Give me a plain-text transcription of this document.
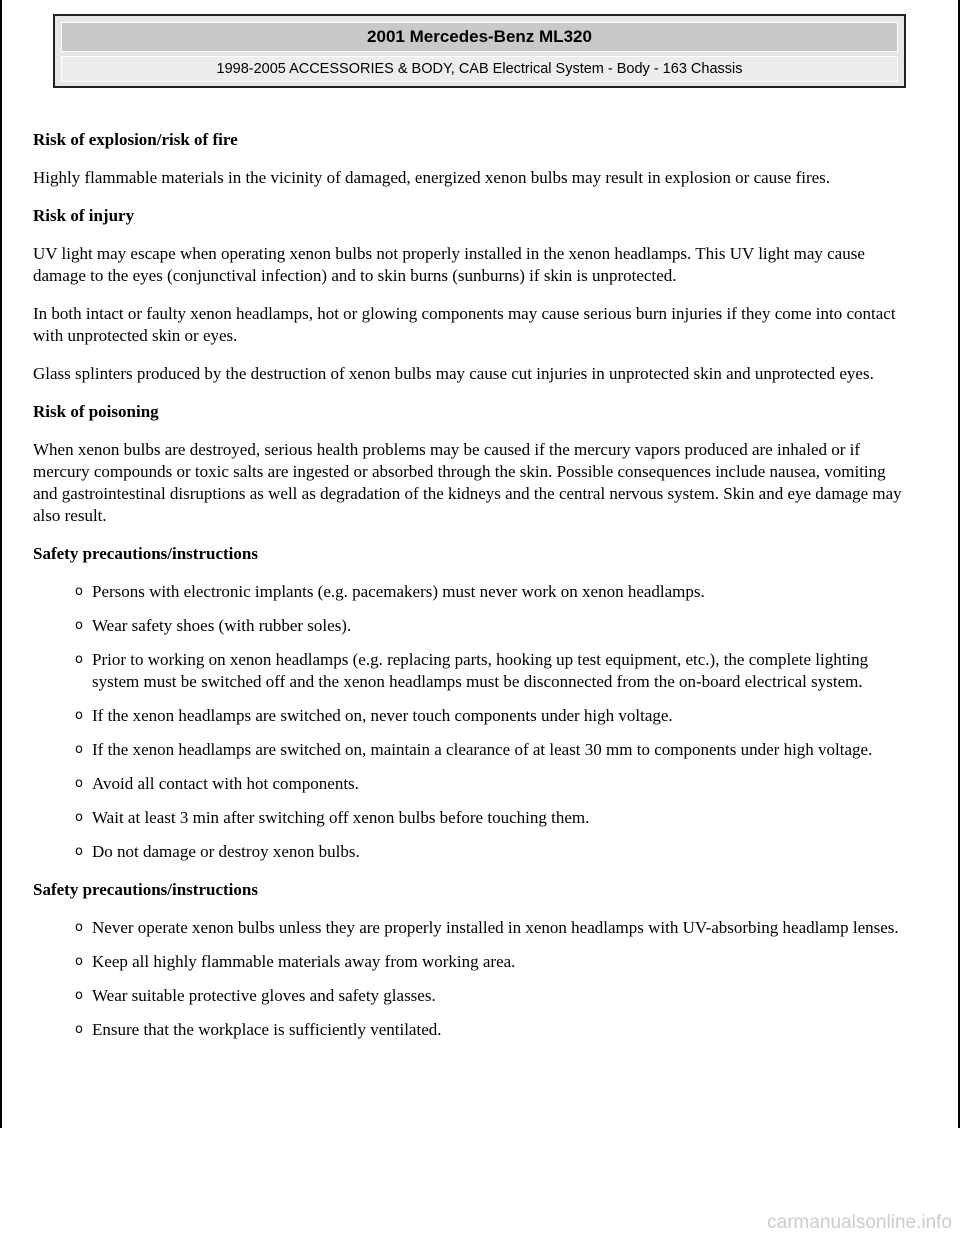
2001 Mercedes-Benz ML320
1998-2005 ACCESSORIES & BODY, CAB Electrical System - Body - 163 Chassis
Risk of explosion/risk of fire
Highly flammable materials in the vicinity of damaged, energized xenon bulbs may result in explosion or cause fires.
Risk of injury
UV light may escape when operating xenon bulbs not properly installed in the xenon headlamps. This UV light may cause damage to the eyes (conjunctival infection) and to skin burns (sunburns) if skin is unprotected.
In both intact or faulty xenon headlamps, hot or glowing components may cause serious burn injuries if they come into contact with unprotected skin or eyes.
Glass splinters produced by the destruction of xenon bulbs may cause cut injuries in unprotected skin and unprotected eyes.
Risk of poisoning
When xenon bulbs are destroyed, serious health problems may be caused if the mercury vapors produced are inhaled or if mercury compounds or toxic salts are ingested or absorbed through the skin. Possible consequences include nausea, vomiting and gastrointestinal disruptions as well as degradation of the kidneys and the central nervous system. Skin and eye damage may also result.
Safety precautions/instructions
o Persons with electronic implants (e.g. pacemakers) must never work on xenon headlamps.
o Wear safety shoes (with rubber soles).
o Prior to working on xenon headlamps (e.g. replacing parts, hooking up test equipment, etc.), the complete lighting system must be switched off and the xenon headlamps must be disconnected from the on-board electrical system.
o If the xenon headlamps are switched on, never touch components under high voltage.
o If the xenon headlamps are switched on, maintain a clearance of at least 30 mm to components under high voltage.
o Avoid all contact with hot components.
o Wait at least 3 min after switching off xenon bulbs before touching them.
o Do not damage or destroy xenon bulbs.
Safety precautions/instructions
o Never operate xenon bulbs unless they are properly installed in xenon headlamps with UV-absorbing headlamp lenses.
o Keep all highly flammable materials away from working area.
o Wear suitable protective gloves and safety glasses.
o Ensure that the workplace is sufficiently ventilated.
carmanualsonline.info
